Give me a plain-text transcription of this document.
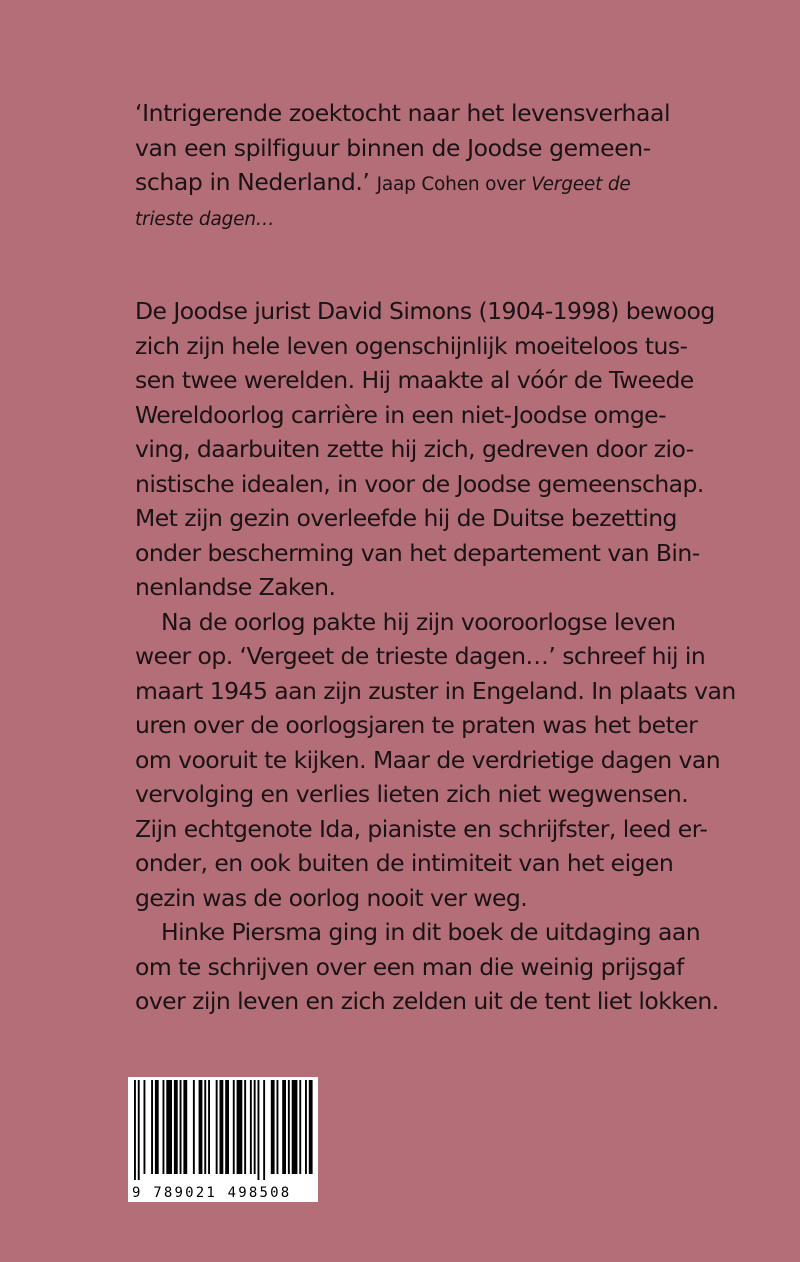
‘Intrigerende zoektocht naar het levensverhaal
van een spilfiguur binnen de Joodse gemeen-
schap in Nederland.’ Jaap Cohen over Vergeet de
trieste dagen…
De Joodse jurist David Simons (1904-1998) bewoog
zich zijn hele leven ogenschijnlijk moeiteloos tus-
sen twee werelden. Hij maakte al vóór de Tweede
Wereldoorlog carrière in een niet-Joodse omge-
ving, daarbuiten zette hij zich, gedreven door zio-
nistische idealen, in voor de Joodse gemeenschap.
Met zijn gezin overleefde hij de Duitse bezetting
onder bescherming van het departement van Bin-
nenlandse Zaken.
Na de oorlog pakte hij zijn vooroorlogse leven
weer op. ‘Vergeet de trieste dagen…’ schreef hij in
maart 1945 aan zijn zuster in Engeland. In plaats van
uren over de oorlogsjaren te praten was het beter
om vooruit te kijken. Maar de verdrietige dagen van
vervolging en verlies lieten zich niet wegwensen.
Zijn echtgenote Ida, pianiste en schrijfster, leed er-
onder, en ook buiten de intimiteit van het eigen
gezin was de oorlog nooit ver weg.
Hinke Piersma ging in dit boek de uitdaging aan
om te schrijven over een man die weinig prijsgaf
over zijn leven en zich zelden uit de tent liet lokken.
9 789021 498508
